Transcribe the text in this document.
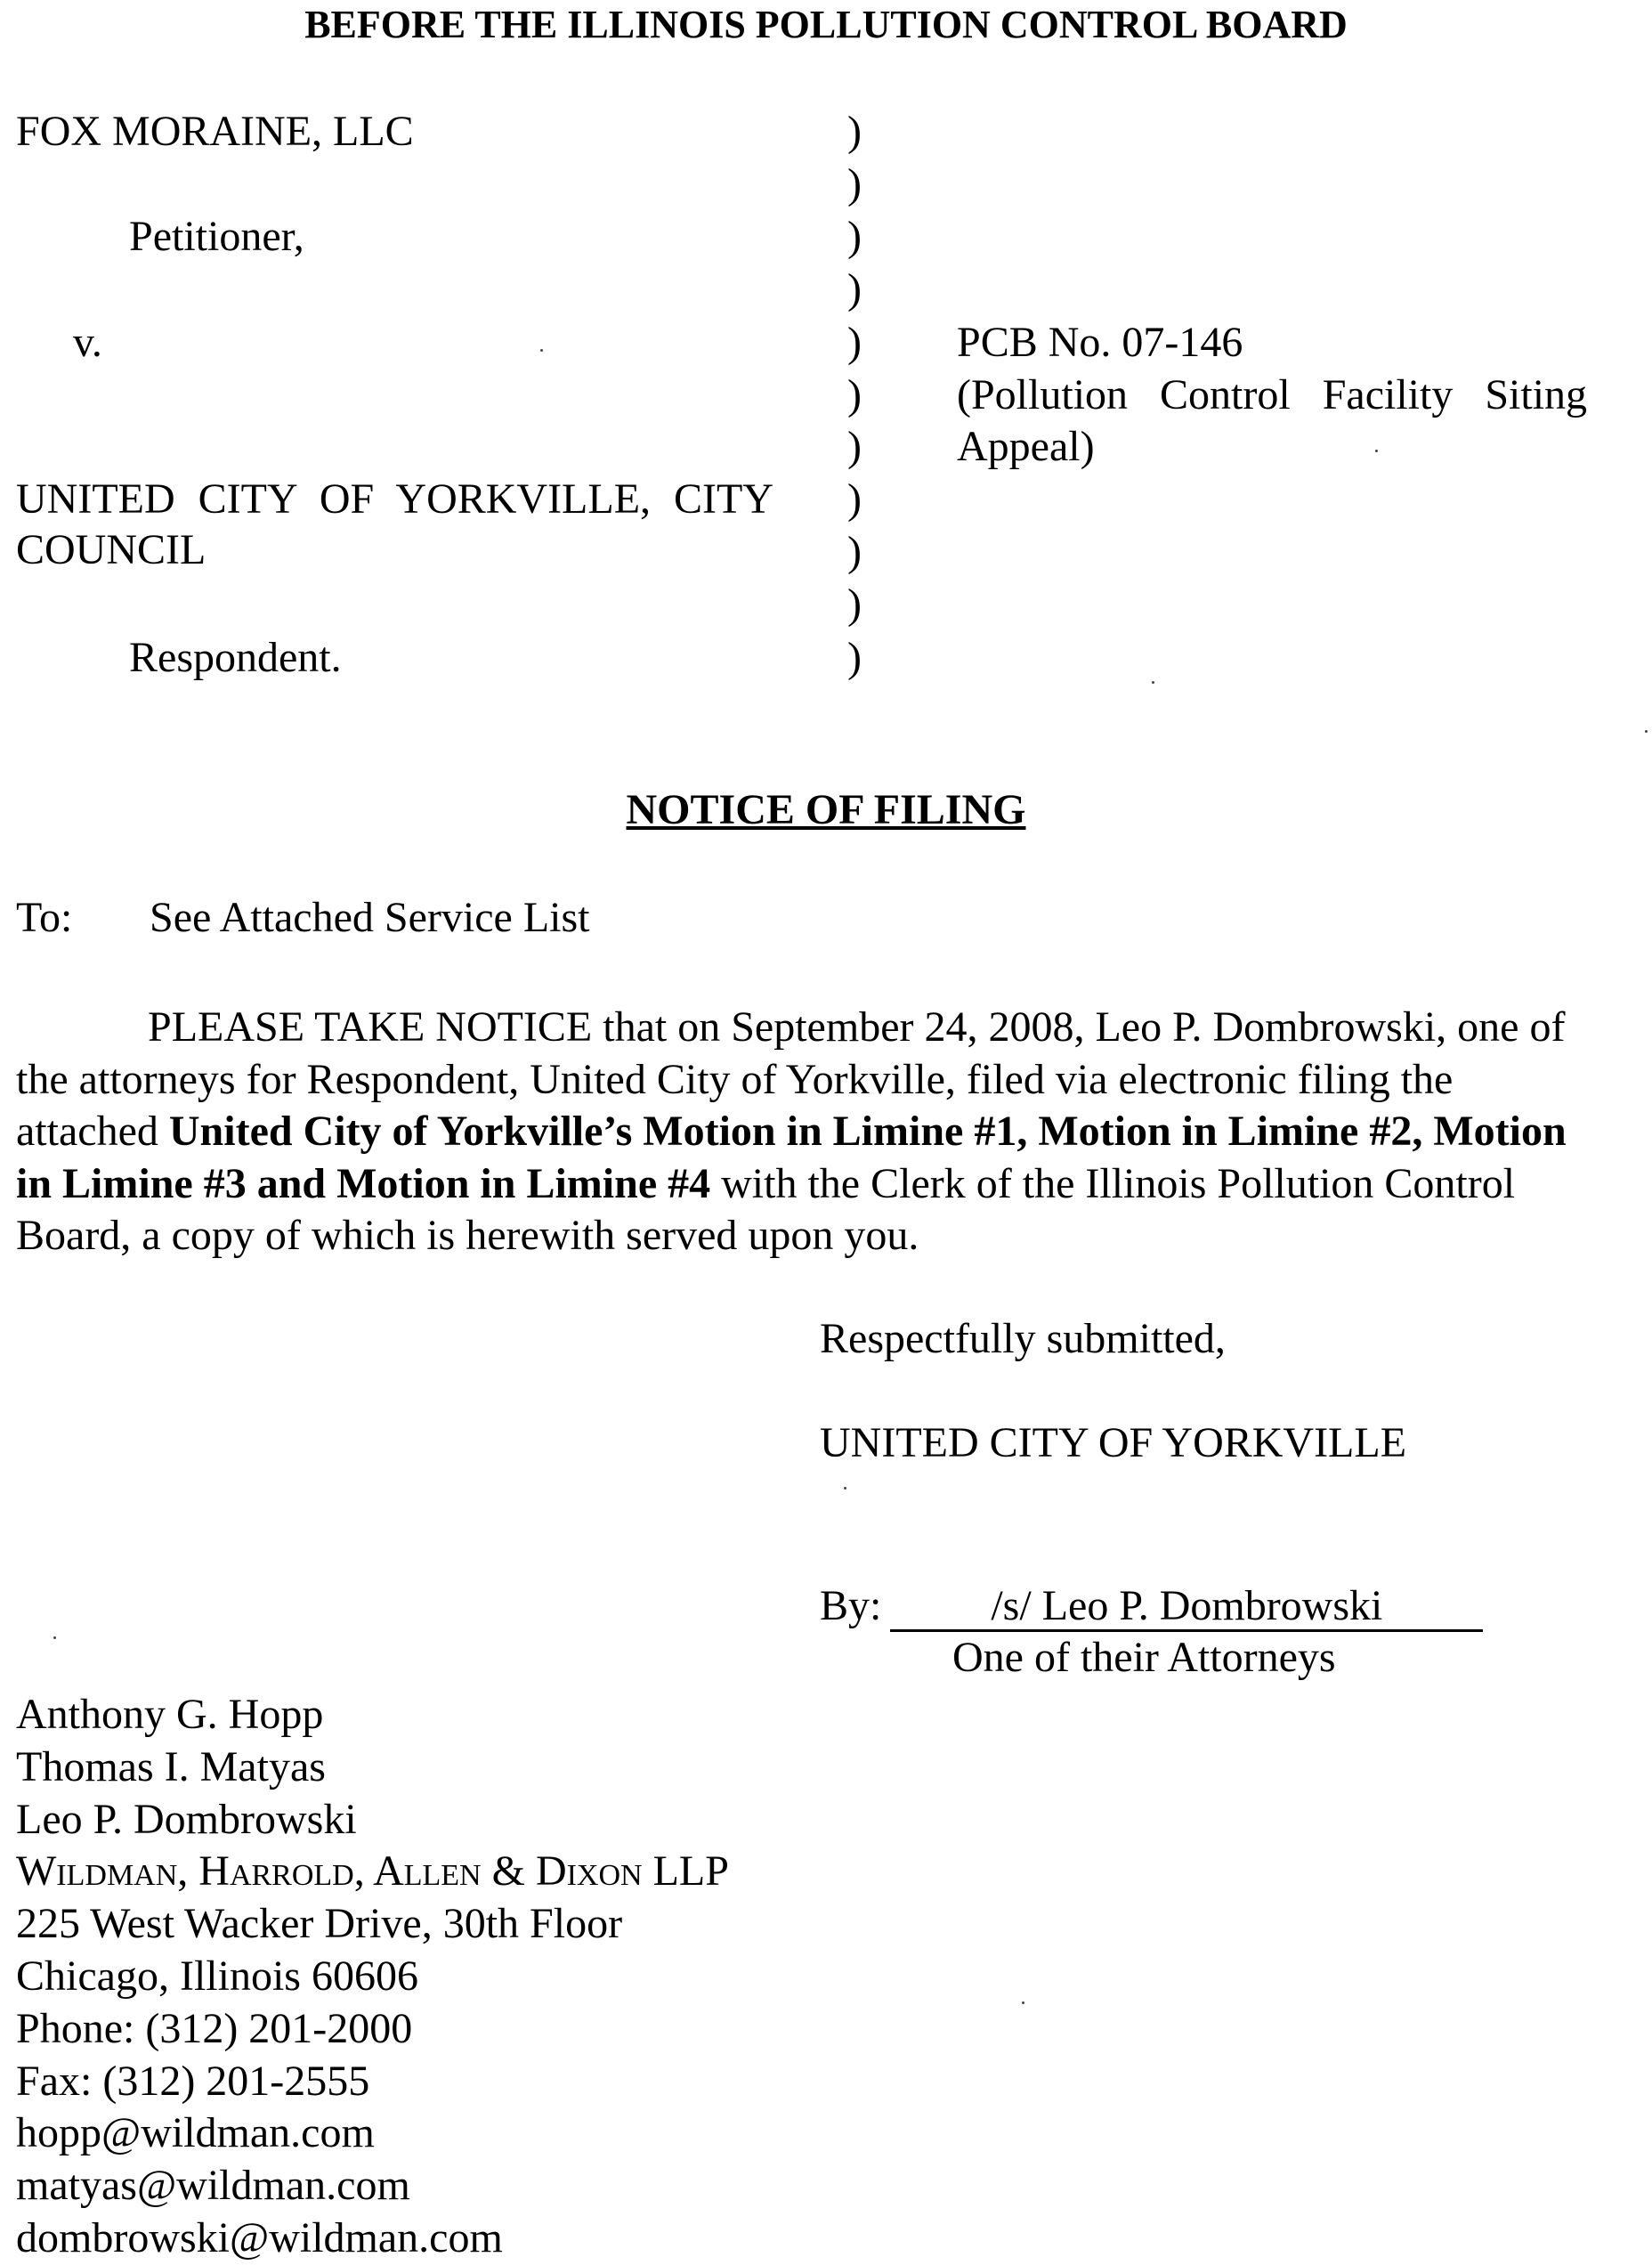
BEFORE THE ILLINOIS POLLUTION CONTROL BOARD
FOX MORAINE, LLC
Petitioner,
v.
UNITED CITY OF YORKVILLE, CITY
COUNCIL
Respondent.
)
)
)
)
)
)
)
)
)
)
)
PCB No. 07-146
(Pollution Control Facility Siting
Appeal)
NOTICE OF FILING
To: See Attached Service List
PLEASE TAKE NOTICE that on September 24, 2008, Leo P. Dombrowski, one of the attorneys for Respondent, United City of Yorkville, filed via electronic filing the attached United City of Yorkville’s Motion in Limine #1, Motion in Limine #2, Motion in Limine #3 and Motion in Limine #4 with the Clerk of the Illinois Pollution Control Board, a copy of which is herewith served upon you.
Respectfully submitted,
UNITED CITY OF YORKVILLE
By:	/s/ Leo P. Dombrowski
One of their Attorneys
Anthony G. Hopp
Thomas I. Matyas
Leo P. Dombrowski
Wildman, Harrold, Allen & Dixon LLP
225 West Wacker Drive, 30th Floor
Chicago, Illinois 60606
Phone: (312) 201-2000
Fax: (312) 201-2555
hopp@wildman.com
matyas@wildman.com
dombrowski@wildman.com
